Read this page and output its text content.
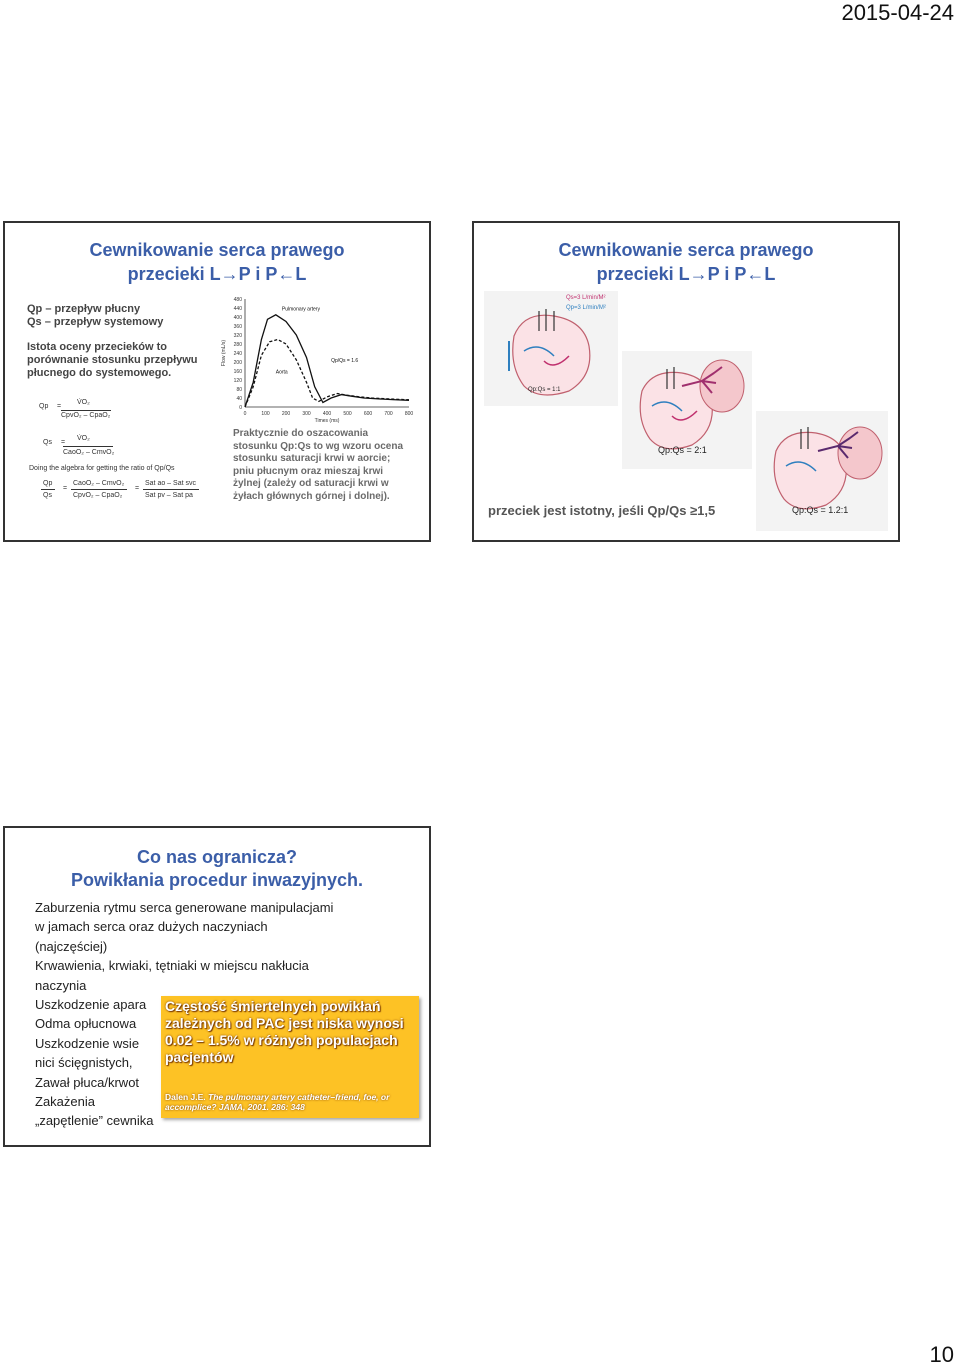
2015-04-24
Cewnikowanie serca prawego
przecieki L→P i P←L
Qp – przepływ płucny
Qs – przepływ systemowy
Istota oceny przecieków to porównanie stosunku przepływu płucnego do systemowego.
Qp =
V̇O₂
CpvO₂ – CpaO₂
Qs =
V̇O₂
CaoO₂ – CmvO₂
Doing the algebra for getting the ratio of Qp/Qs
Qp
Qs
=
CaoO₂ – CmvO₂
CpvO₂ – CpaO₂
=
Sat ao – Sat svc
Sat pv – Sat pa
480
440
400
360
320
280
240
200
160
120
80
40
0
0	100 200 300 400 500 600 700 800
Flow (mL/s)
Times (ms)
Pulmonary artery
Aorta
Qp/Qs = 1.6
Praktycznie do oszacowania stosunku Qp:Qs to wg wzoru ocena stosunku saturacji krwi w aorcie; pniu płucnym oraz mieszaj krwi żylnej (zależy od saturacji krwi w żyłach głównych górnej i dolnej).
Cewnikowanie serca prawego
przecieki L→P i P←L
Qs=3 L/min/M²
Qp=3 L/min/M²
Qp:Qs = 1:1
Qp:Qs = 2:1
Qp:Qs = 1.2:1
przeciek jest istotny, jeśli Qp/Qs ≥1,5
Co nas ogranicza?
Powikłania procedur inwazyjnych.
Zaburzenia rytmu serca generowane manipulacjami
w jamach serca oraz dużych naczyniach
(najczęściej)
Krwawienia, krwiaki, tętniaki w miejscu nakłucia
naczynia
Uszkodzenie apara
Odma opłucnowa
Uszkodzenie wsie
nici ścięgnistych,
Zawał płuca/krwot
Zakażenia
„zapętlenie” cewnika
Częstość śmiertelnych powikłań zależnych od PAC jest niska wynosi 0.02 – 1.5% w różnych populacjach pacjentów
Dalen J.E. The pulmonary artery catheter–friend, foe, or accomplice? JAMA, 2001. 286: 348
10
